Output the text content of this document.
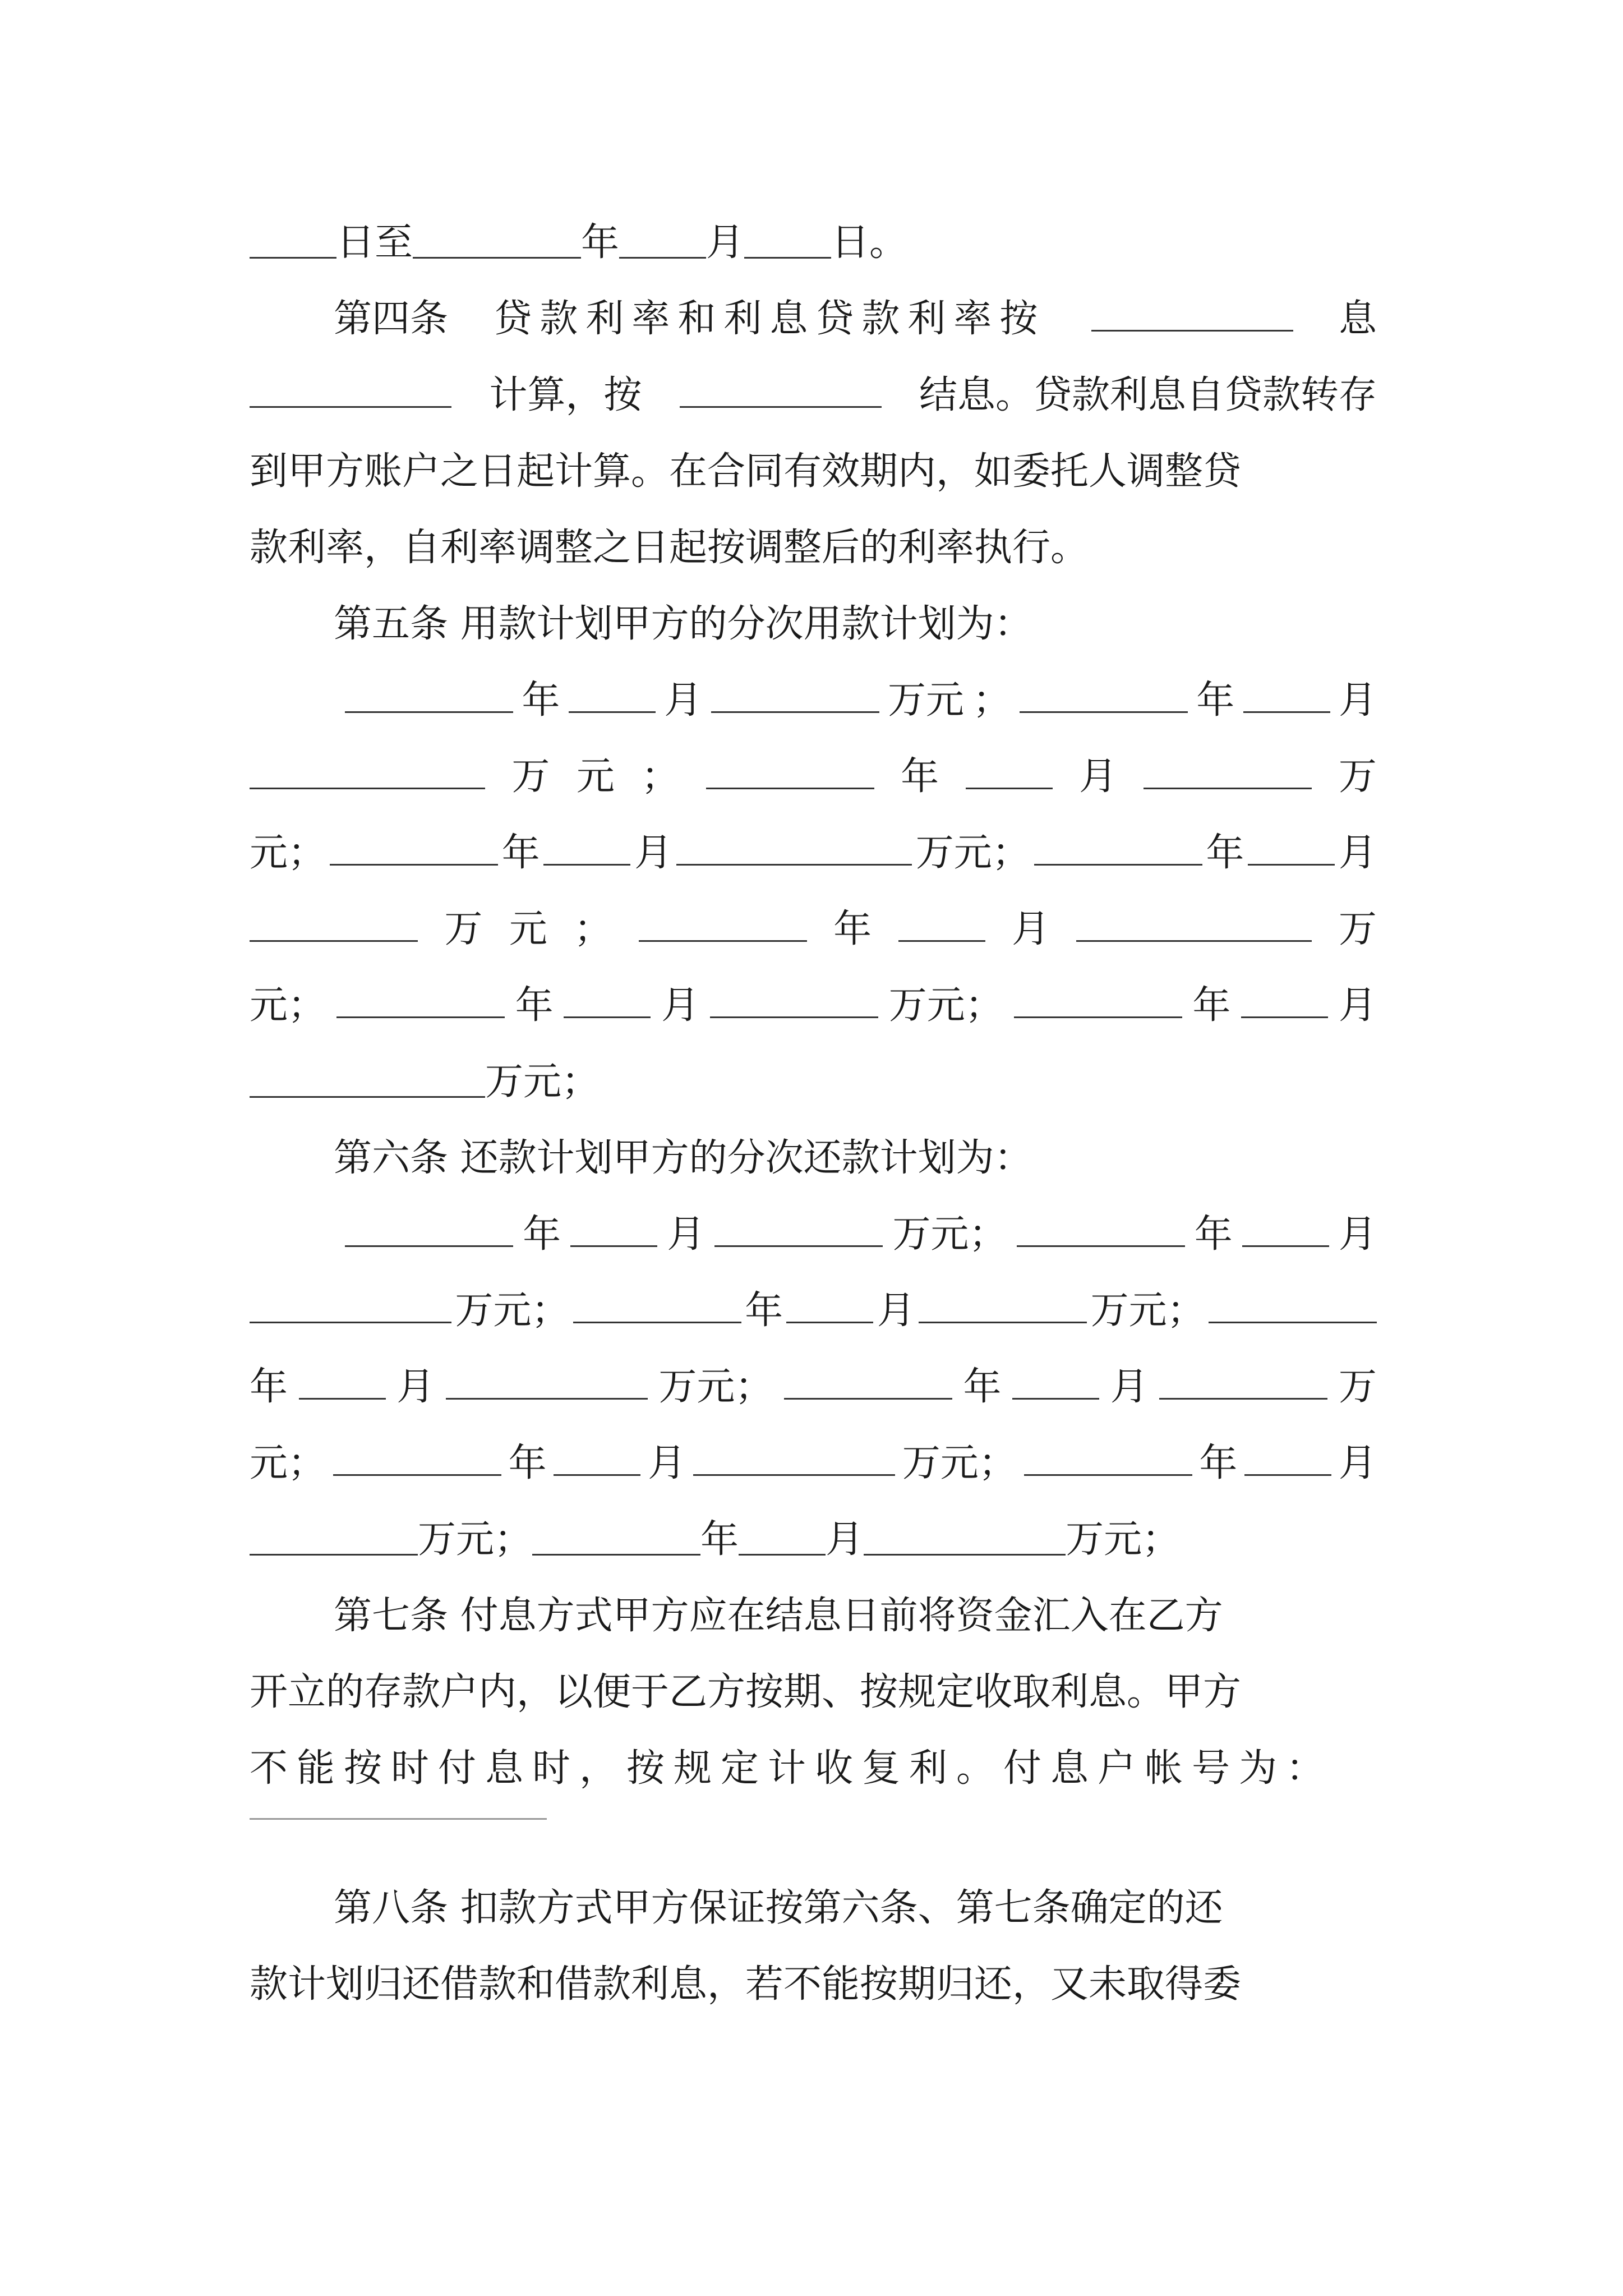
日至	年 月 日。
第四条 贷款利率和利息贷款利率按	息
计算，按	结息。贷款利息自贷款转存
到甲方账户之日起计算。在合同有效期内，如委托人调整贷
款利率，自利率调整之日起按调整后的利率执行。
第五条 用款计划甲方的分次用款计划为：
年	月	万元 ；	年	月
万 元 ；	年	月	万
元；	年 月	万元；	年 月
万 元 ；	年	月	万
元；	年	月	万元；	年	月
万元；
第六条 还款计划甲方的分次还款计划为：
年	月	万元；	年	月
万元；	年 月	万元；
年	月	万元；	年	月	万
元；	年	月	万元；	年	月
万元；	年 月	万元；
第七条 付息方式甲方应在结息日前将资金汇入在乙方
开立的存款户内，以便于乙方按期、按规定收取利息。甲方
不能按时付息时，按规定计收复利。付息户帐号为：
第八条 扣款方式甲方保证按第六条、第七条确定的还
款计划归还借款和借款利息，若不能按期归还，又未取得委
